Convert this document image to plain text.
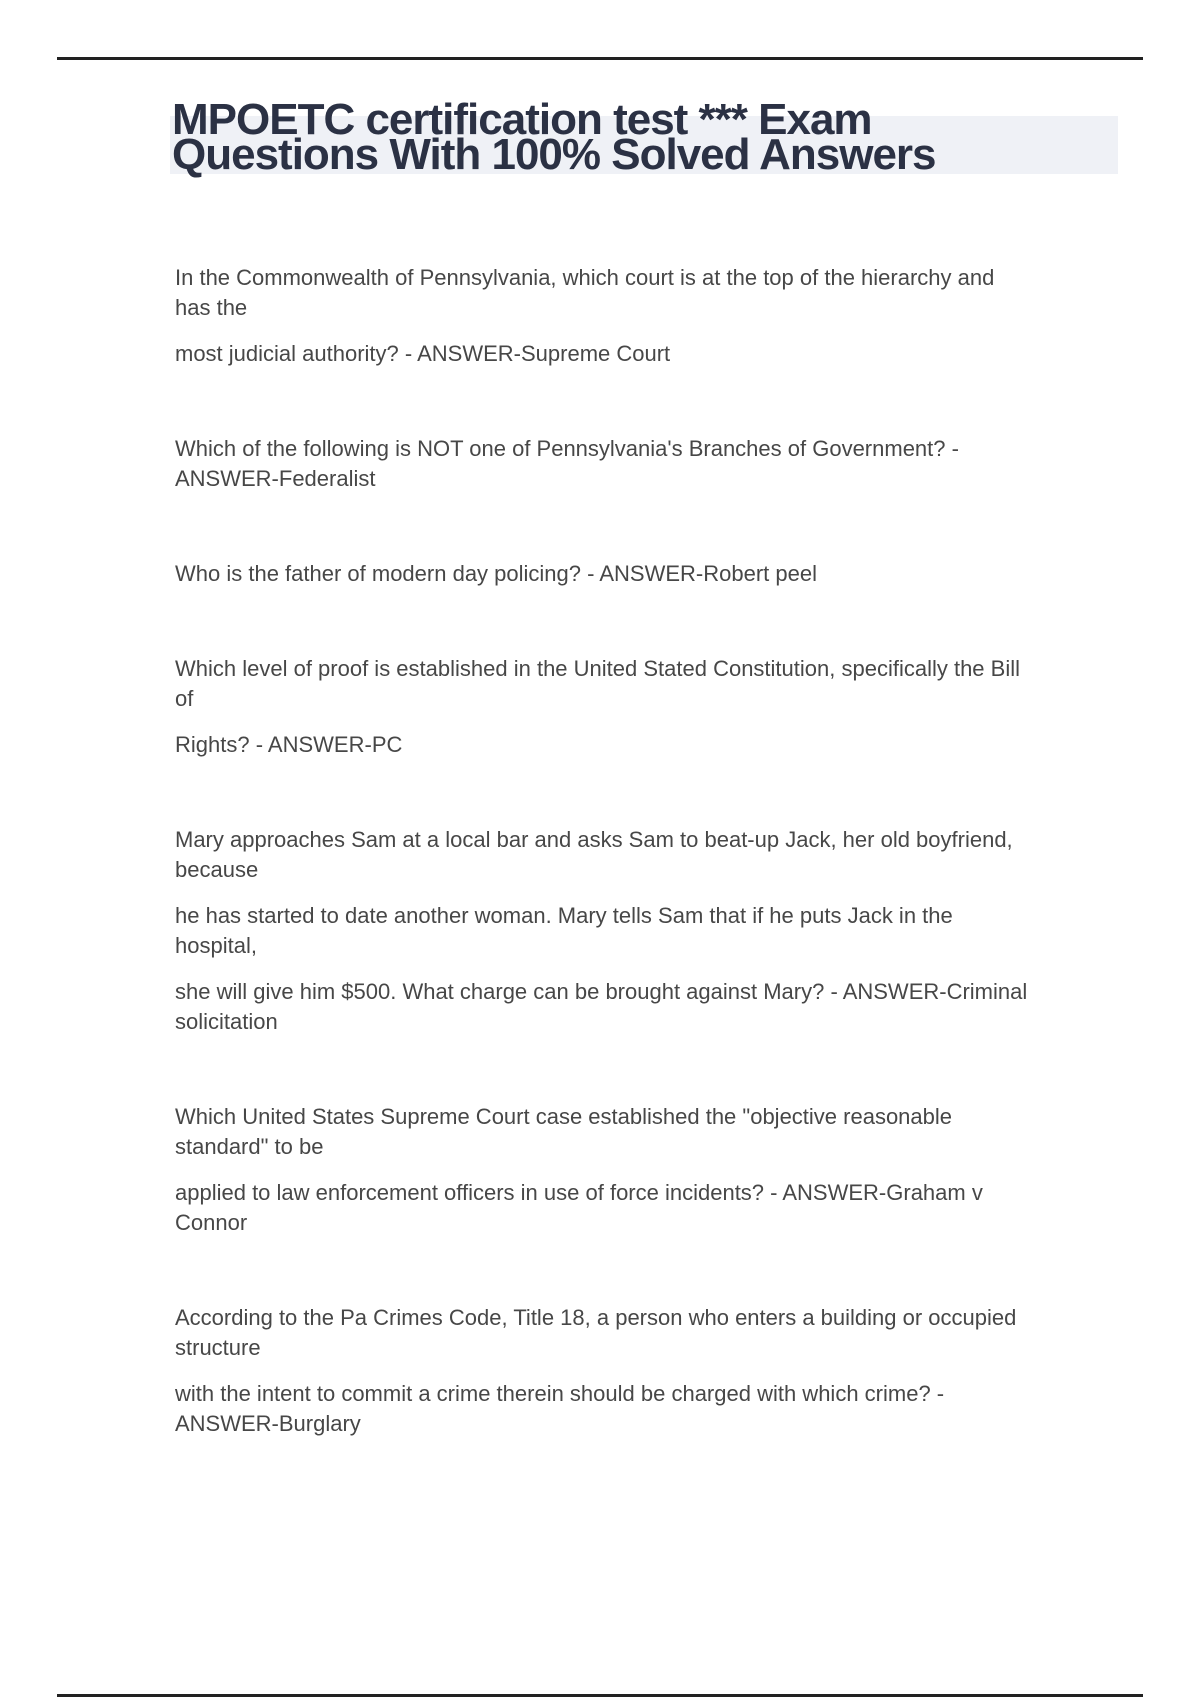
MPOETC certification test *** Exam
Questions With 100% Solved Answers
In the Commonwealth of Pennsylvania, which court is at the top of the hierarchy and
has the
most judicial authority? - ANSWER-Supreme Court
Which of the following is NOT one of Pennsylvania's Branches of Government? -
ANSWER-Federalist
Who is the father of modern day policing? - ANSWER-Robert peel
Which level of proof is established in the United Stated Constitution, specifically the Bill
of
Rights? - ANSWER-PC
Mary approaches Sam at a local bar and asks Sam to beat-up Jack, her old boyfriend,
because
he has started to date another woman. Mary tells Sam that if he puts Jack in the
hospital,
she will give him $500. What charge can be brought against Mary? - ANSWER-Criminal
solicitation
Which United States Supreme Court case established the "objective reasonable
standard" to be
applied to law enforcement officers in use of force incidents? - ANSWER-Graham v
Connor
According to the Pa Crimes Code, Title 18, a person who enters a building or occupied
structure
with the intent to commit a crime therein should be charged with which crime? -
ANSWER-Burglary
